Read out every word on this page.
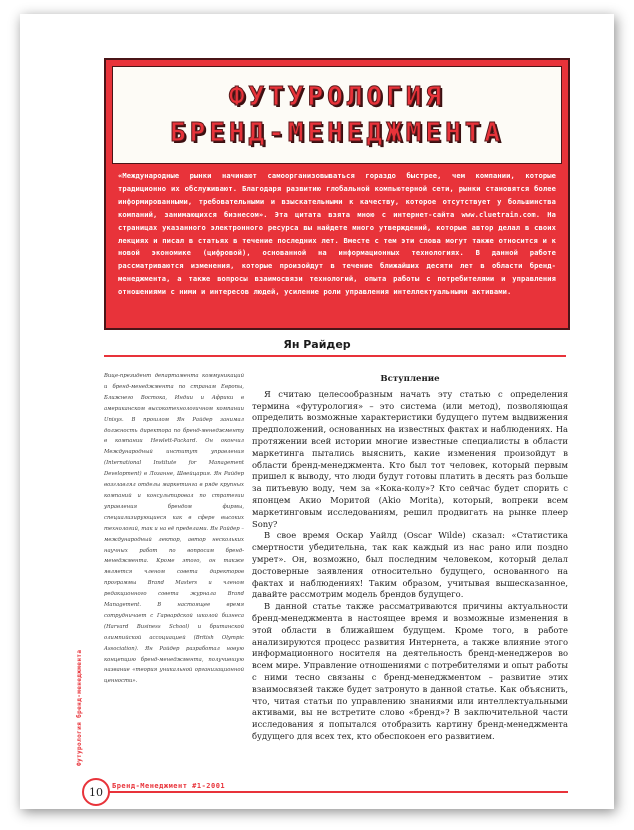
ФУТУРОЛОГИЯ
БРЕНД-МЕНЕДЖМЕНТА
«Международные рынки начинают самоорганизовываться гораздо быстрее, чем компании, которые традиционно их обслуживают. Благодаря развитию глобальной компьютерной сети, рынки становятся более информированными, требовательными и взыскательными к качеству, которое отсутствует у большинства компаний, занимающихся бизнесом». Эта цитата взята мною с интернет-сайта www.cluetrain.com. На страницах указанного электронного ресурса вы найдете много утверждений, которые автор делал в своих лекциях и писал в статьях в течение последних лет. Вместе с тем эти слова могут также относится и к новой экономике (цифровой), основанной на информационных технологиях. В данной работе рассматриваются изменения, которые произойдут в течение ближайших десяти лет в области бренд-менеджмента, а также вопросы взаимосвязи технологий, опыта работы с потребителями и управления отношениями с ними и интересов людей, усиление роли управления интеллектуальными активами.
Ян Райдер
Вице-президент департамента коммуникаций и бренд-менеджмента по странам Европы, Ближнего Востока, Индии и Африки в американском высокотехнологичном компании Unisys. В прошлом Ян Райдер занимал должность директора по бренд-менеджменту в компании Hewlett-Packard. Он окончил Международный институт управления (International Institute for Management Development) в Лозанне, Швейцария. Ян Райдер возглавлял отделы маркетинга в ряде крупных компаний и консультировал по стратегии управления брендом фирмы, специализирующиеся как в сфере высоких технологий, так и на её пределами. Ян Райдер – международный лектор, автор нескольких научных работ по вопросам бренд-менеджмента. Кроме этого, он также является членом совета директоров программы Brand Masters и членом редакционного совета журнала Brand Management. В настоящее время сотрудничает с Гарвардской школой бизнеса (Harvard Business School) и британской олимпийской ассоциацией (British Olympic Association). Ян Райдер разработал новую концепцию бренд-менеджмента, получившую название «теория уникальной организационной ценности».
Вступление

Я считаю целесообразным начать эту статью с определения термина «футурология» – это система (или метод), позволяющая определить возможные характеристики будущего путем выдвижения предположений, основанных на известных фактах и наблюдениях. На протяжении всей истории многие известные специалисты в области маркетинга пытались выяснить, какие изменения произойдут в области бренд-менеджмента. Кто был тот человек, который первым пришел к выводу, что люди будут готовы платить в десять раз больше за питьевую воду, чем за «Кока-колу»? Кто сейчас будет спорить с японцем Акио Моритой (Akio Morita), который, вопреки всем маркетинговым исследованиям, решил продвигать на рынке плеер Sony?

В свое время Оскар Уайлд (Oscar Wilde) сказал: «Статистика смертности убедительна, так как каждый из нас рано или поздно умрет». Он, возможно, был последним человеком, который делал достоверные заявления относительно будущего, основанного на фактах и наблюдениях! Таким образом, учитывая вышесказанное, давайте рассмотрим модель брендов будущего.

В данной статье также рассматриваются причины актуальности бренд-менеджмента в настоящее время и возможные изменения в этой области в ближайшем будущем. Кроме того, в работе анализируются процесс развития Интернета, а также влияние этого информационного носителя на деятельность бренд-менеджеров во всем мире. Управление отношениями с потребителями и опыт работы с ними тесно связаны с бренд-менеджментом – развитие этих взаимосвязей также будет затронуто в данной статье. Как объяснить, что, читая статьи по управлению знаниями или интеллектуальными активами, вы не встретите слово «бренд»? В заключительной части исследования я попытался отобразить картину бренд-менеджмента будущего для всех тех, кто обеспокоен его развитием.

Футурология бренд-менеджмента
10	Бренд-Менеджмент #1-2001
